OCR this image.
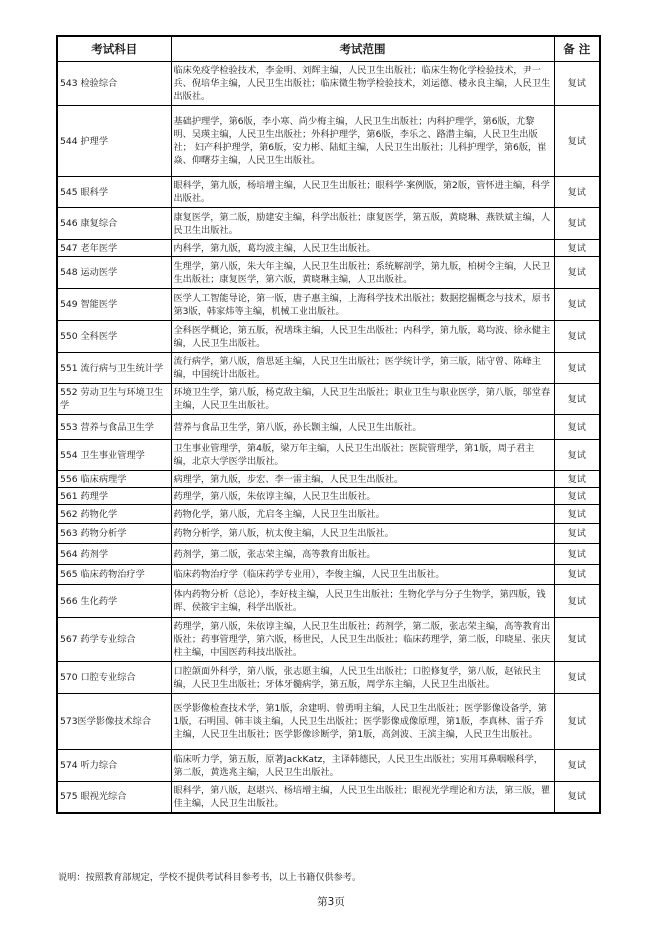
考试科目	考试范围	备 注
543 检验综合	临床免疫学检验技术，李金明、刘辉主编，人民卫生出版社；临床生物化学检验技术，尹一兵、倪培华主编，人民卫生出版社；临床微生物学检验技术，刘运德、楼永良主编，人民卫生出版社。	复试
544 护理学	基础护理学，第6版，李小寒、尚少梅主编，人民卫生出版社；内科护理学，第6版，尤黎明、吴瑛主编，人民卫生出版社；外科护理学，第6版，李乐之、路潜主编，人民卫生出版社； 妇产科护理学，第6版，安力彬、陆虹主编，人民卫生出版社；儿科护理学，第6版，崔焱、仰曙芬主编，人民卫生出版社。	复试
545 眼科学	眼科学，第九版，杨培增主编，人民卫生出版社；眼科学·案例版，第2版，管怀进主编，科学出版社。	复试
546 康复综合	康复医学，第二版，励建安主编，科学出版社；康复医学，第五版，黄晓琳、燕铁斌主编，人民卫生出版社。	复试
547 老年医学	内科学，第九版，葛均波主编，人民卫生出版社。	复试
548 运动医学	生理学，第八版，朱大年主编，人民卫生出版社；系统解剖学，第九版，柏树令主编，人民卫生出版社；康复医学，第六版，黄晓琳主编，人卫出版社。	复试
549 智能医学	医学人工智能导论，第一版，唐子惠主编，上海科学技术出版社；数据挖掘概念与技术，原书第3版，韩家炜等主编，机械工业出版社。	复试
550 全科医学	全科医学概论，第五版，祝墡珠主编，人民卫生出版社；内科学，第九版，葛均波、徐永健主编，人民卫生出版社。	复试
551 流行病与卫生统计学	流行病学，第八版，詹思延主编，人民卫生出版社；医学统计学，第三版，陆守曾、陈峰主编，中国统计出版社。	复试
552 劳动卫生与环境卫生学	环境卫生学，第八版，杨克敌主编，人民卫生出版社；职业卫生与职业医学，第八版，邬堂春主编，人民卫生出版社。	复试
553 营养与食品卫生学	营养与食品卫生学，第八版，孙长颢主编，人民卫生出版社。	复试
554 卫生事业管理学	卫生事业管理学，第4版，梁万年主编，人民卫生出版社；医院管理学，第1版，周子君主编，北京大学医学出版社。	复试
556 临床病理学	病理学，第九版，步宏、李一雷主编，人民卫生出版社。	复试
561 药理学	药理学，第八版，朱依谆主编，人民卫生出版社。	复试
562 药物化学	药物化学，第八版，尤启冬主编，人民卫生出版社。	复试
563 药物分析学	药物分析学，第八版，杭太俊主编，人民卫生出版社。	复试
564 药剂学	药剂学，第二版，张志荣主编，高等教育出版社。	复试
565 临床药物治疗学	临床药物治疗学（临床药学专业用），李俊主编，人民卫生出版社。	复试
566 生化药学	体内药物分析（总论），李好枝主编，人民卫生出版社；生物化学与分子生物学，第四版，钱晖、侯筱宇主编，科学出版社。	复试
567 药学专业综合	药理学，第八版，朱依谆主编，人民卫生出版社；药剂学，第二版，张志荣主编，高等教育出版社；药事管理学，第六版，杨世民，人民卫生出版社；临床药理学，第二版，印晓星、张庆柱主编，中国医药科技出版社。	复试
570 口腔专业综合	口腔颌面外科学，第八版，张志愿主编，人民卫生出版社；口腔修复学，第八版，赵铱民主编，人民卫生出版社；牙体牙髓病学，第五版，周学东主编，人民卫生出版社。	复试
573医学影像技术综合	医学影像检查技术学，第1版，余建明、曾勇明主编，人民卫生出版社；医学影像设备学，第1版，石明国、韩丰谈主编，人民卫生出版社；医学影像成像原理，第1版，李真林、雷子乔主编，人民卫生出版社；医学影像诊断学，第1版，高剑波、王滨主编，人民卫生出版社。	复试
574 听力综合	临床听力学，第五版，原著JackKatz，主译韩德民，人民卫生出版社；实用耳鼻咽喉科学，第二版，黄选兆主编，人民卫生出版社。	复试
575 眼视光综合	眼科学，第八版，赵堪兴、杨培增主编，人民卫生出版社；眼视光学理论和方法，第三版，瞿佳主编，人民卫生出版社。	复试
说明：按照教育部规定，学校不提供考试科目参考书，以上书籍仅供参考。
第3页
